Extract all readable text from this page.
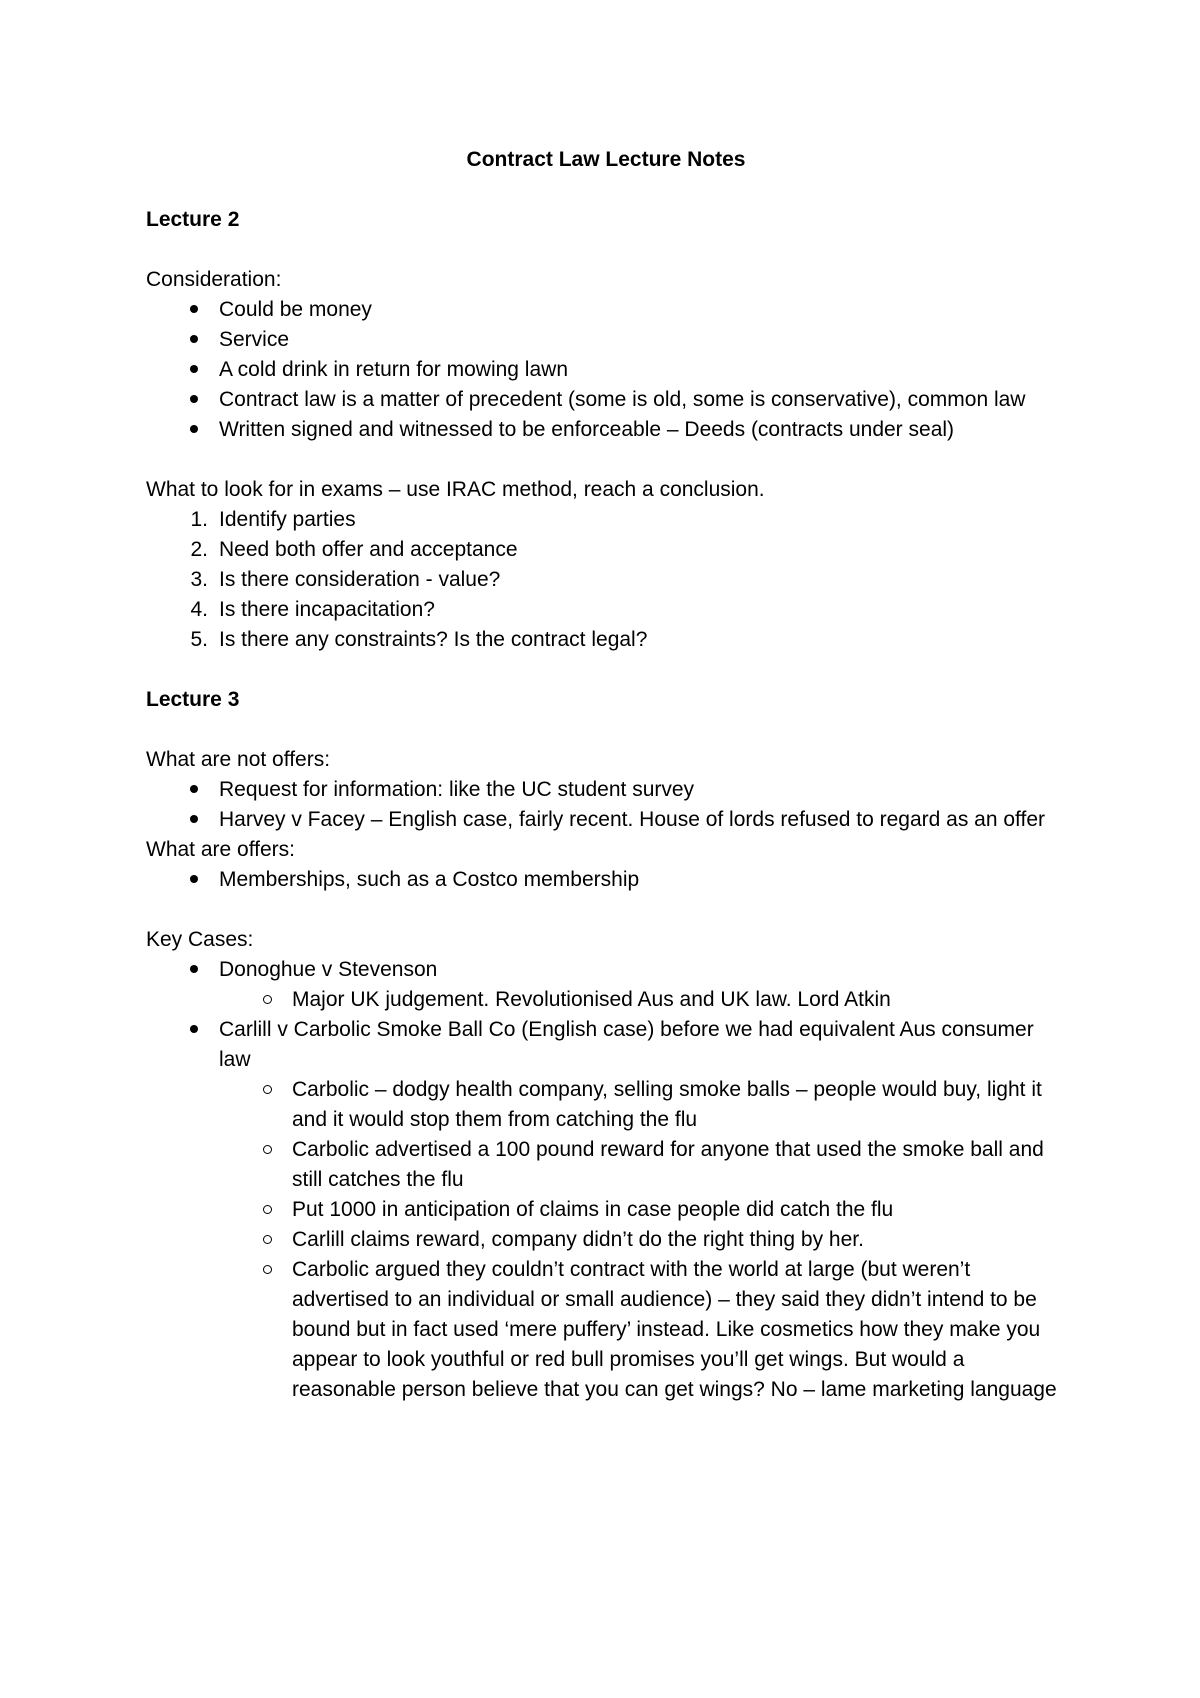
Contract Law Lecture Notes
Lecture 2
Consideration:
Could be money
Service
A cold drink in return for mowing lawn
Contract law is a matter of precedent (some is old, some is conservative), common law
Written signed and witnessed to be enforceable – Deeds (contracts under seal)
What to look for in exams – use IRAC method, reach a conclusion.
1. Identify parties
2. Need both offer and acceptance
3. Is there consideration - value?
4. Is there incapacitation?
5. Is there any constraints? Is the contract legal?
Lecture 3
What are not offers:
Request for information: like the UC student survey
Harvey v Facey – English case, fairly recent. House of lords refused to regard as an offer
What are offers:
Memberships, such as a Costco membership
Key Cases:
Donoghue v Stevenson
Major UK judgement. Revolutionised Aus and UK law. Lord Atkin
Carlill v Carbolic Smoke Ball Co (English case) before we had equivalent Aus consumer law
Carbolic – dodgy health company, selling smoke balls – people would buy, light it and it would stop them from catching the flu
Carbolic advertised a 100 pound reward for anyone that used the smoke ball and still catches the flu
Put 1000 in anticipation of claims in case people did catch the flu
Carlill claims reward, company didn’t do the right thing by her.
Carbolic argued they couldn’t contract with the world at large (but weren’t advertised to an individual or small audience) – they said they didn’t intend to be bound but in fact used ‘mere puffery’ instead. Like cosmetics how they make you appear to look youthful or red bull promises you’ll get wings. But would a reasonable person believe that you can get wings? No – lame marketing language
